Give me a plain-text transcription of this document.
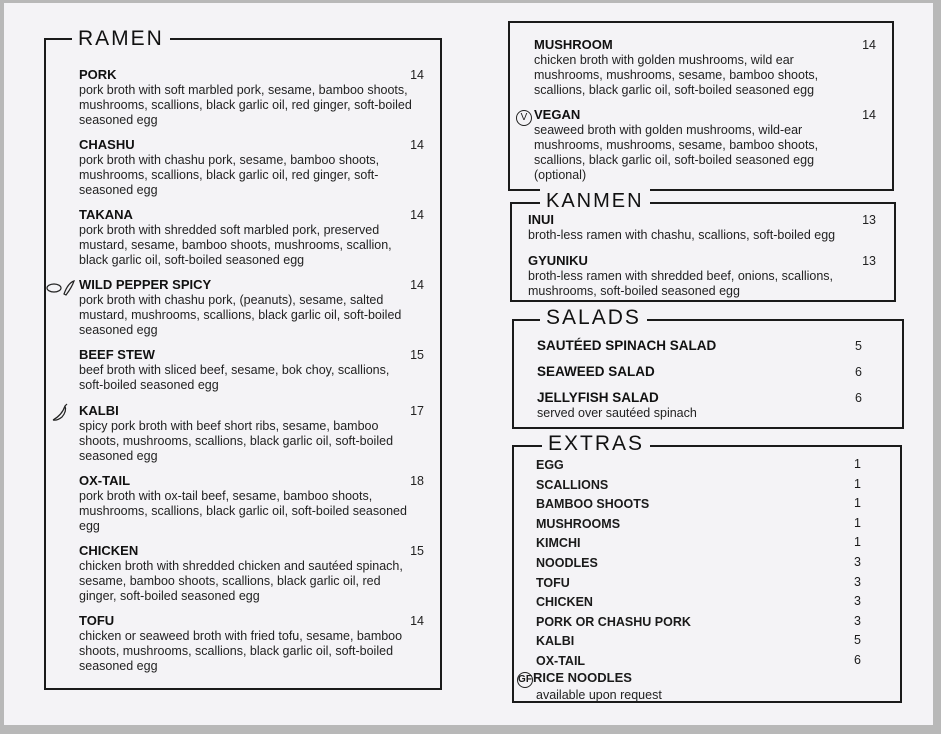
RAMEN
PORK	14
pork broth with soft marbled pork, sesame, bamboo shoots, mushrooms, scallions, black garlic oil, red ginger, soft-boiled seasoned egg
CHASHU	14
pork broth with chashu pork, sesame, bamboo shoots, mushrooms, scallions, black garlic oil, red ginger, soft-seasoned egg
TAKANA	14
pork broth with shredded soft marbled pork, preserved mustard, sesame, bamboo shoots, mushrooms, scallion, black garlic oil, soft-boiled seasoned egg
WILD PEPPER SPICY	14
pork broth with chashu pork, (peanuts), sesame, salted mustard, mushrooms, scallions, black garlic oil, soft-boiled seasoned egg
BEEF STEW	15
beef broth with sliced beef, sesame, bok choy, scallions, soft-boiled seasoned egg
KALBI	17
spicy pork broth with beef short ribs, sesame, bamboo shoots, mushrooms, scallions, black garlic oil, soft-boiled seasoned egg
OX-TAIL	18
pork broth with ox-tail beef, sesame, bamboo shoots, mushrooms, scallions, black garlic oil, soft-boiled seasoned egg
CHICKEN	15
chicken broth with shredded chicken and sautéed spinach, sesame, bamboo shoots, scallions, black garlic oil, red ginger, soft-boiled seasoned egg
TOFU	14
chicken or seaweed broth with fried tofu, sesame, bamboo shoots, mushrooms, scallions, black garlic oil, soft-boiled seasoned egg
MUSHROOM	14
chicken broth with golden mushrooms, wild ear mushrooms, mushrooms, sesame, bamboo shoots, scallions, black garlic oil, soft-boiled seasoned egg
VEGAN	14
seaweed broth with golden mushrooms, wild-ear mushrooms, mushrooms, sesame, bamboo shoots, scallions, black garlic oil, soft-boiled seasoned egg (optional)
V
KANMEN
INUI	13
broth-less ramen with chashu, scallions, soft-boiled egg
GYUNIKU	13
broth-less ramen with shredded beef, onions, scallions, mushrooms, soft-boiled seasoned egg
SALADS
SAUTÉED SPINACH SALAD	5
SEAWEED SALAD	6
JELLYFISH SALAD	6
served over sautéed spinach
EXTRAS
EGG	1
SCALLIONS	1
BAMBOO SHOOTS	1
MUSHROOMS	1
KIMCHI	1
NOODLES	3
TOFU	3
CHICKEN	3
PORK OR CHASHU PORK	3
KALBI	5
OX-TAIL	6
GFRICE NOODLES
available upon request
